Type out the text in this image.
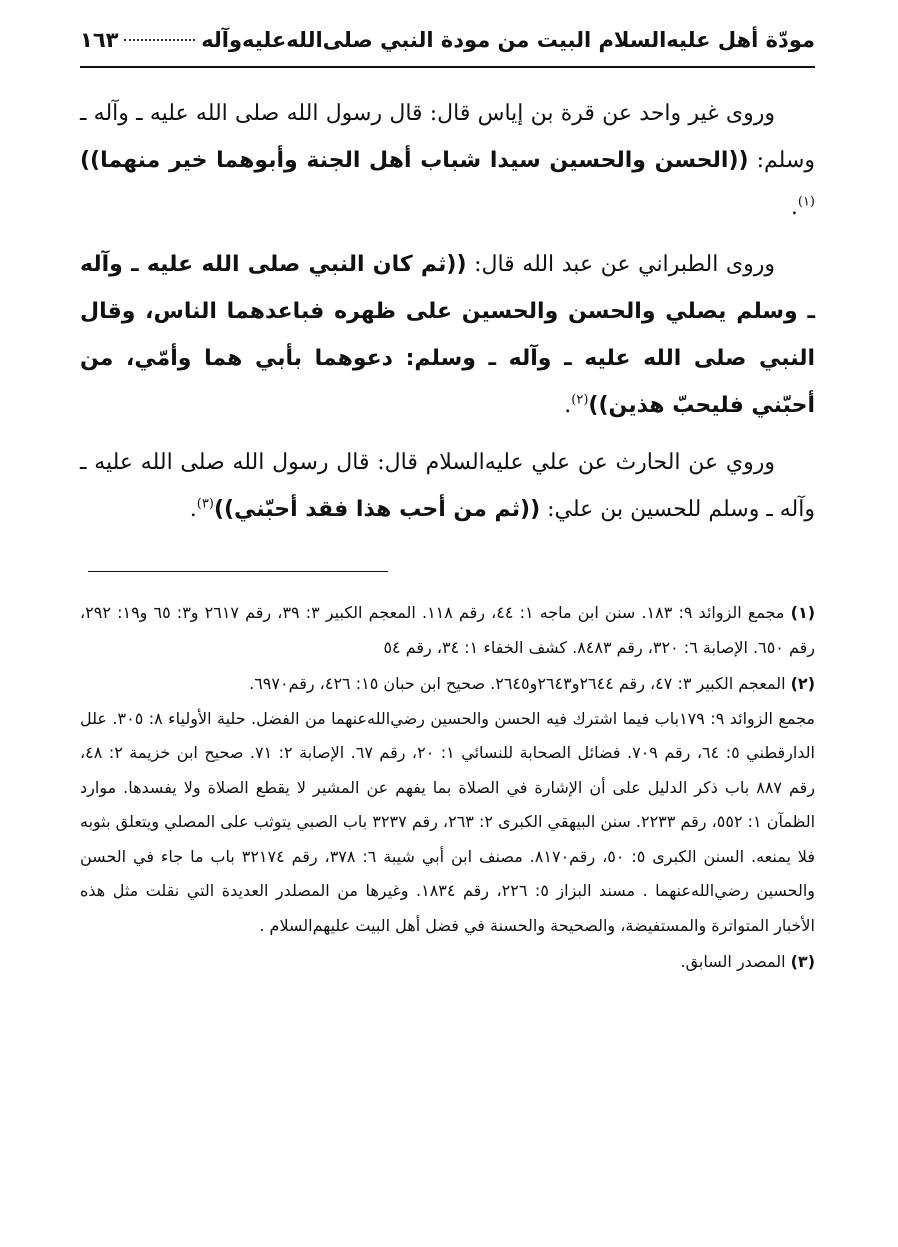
مودّة أهل عليه‌السلام البيت من مودة النبي صلى‌الله‌عليه‌وآله
١٦٣

وروى غير واحد عن قرة بن إياس قال: قال رسول الله صلى الله عليه ـ وآله ـ وسلم: ((الحسن والحسين سيدا شباب أهل الجنة وأبوهما خير منهما))$^{(١)}$.

وروى الطبراني عن عبد الله قال: ((ثم كان النبي صلى الله عليه ـ وآله ـ وسلم يصلي والحسن والحسين على ظهره فباعدهما الناس، وقال النبي صلى الله عليه ـ وآله ـ وسلم: دعوهما بأبي هما وأمّي، من أحبّني فليحبّ هذين))$^{(٢)}$.

وروي عن الحارث عن علي عليه‌السلام قال: قال رسول الله صلى الله عليه ـ وآله ـ وسلم للحسين بن علي: ((ثم من أحب هذا فقد أحبّني))$^{(٣)}$.

(١) مجمع الزوائد ٩: ١٨٣. سنن ابن ماجه ١: ٤٤، رقم ١١٨. المعجم الكبير ٣: ٣٩، رقم ٢٦١٧ و٣: ٦٥ و١٩: ٢٩٢، رقم ٦٥٠. الإصابة ٦: ٣٢٠، رقم ٨٤٨٣. كشف الخفاء ١: ٣٤، رقم ٥٤

(٢) المعجم الكبير ٣: ٤٧، رقم ٢٦٤٤و٢٦٤٣و٢٦٤٥. صحيح ابن حبان ١٥: ٤٢٦، رقم٦٩٧٠.
مجمع الزوائد ٩: ١٧٩باب فيما اشترك فيه الحسن والحسين رضي‌الله‌عنهما من الفضل. حلية الأولياء ٨: ٣٠٥. علل الدارقطني ٥: ٦٤، رقم ٧٠٩. فضائل الصحابة للنسائي ١: ٢٠، رقم ٦٧. الإصابة ٢: ٧١. صحيح ابن خزيمة ٢: ٤٨، رقم ٨٨٧ باب ذكر الدليل على أن الإشارة في الصلاة بما يفهم عن المشير لا يقطع الصلاة ولا يفسدها. موارد الظمآن ١: ٥٥٢، رقم ٢٢٣٣. سنن البيهقي الكبرى ٢: ٢٦٣، رقم ٣٢٣٧ باب الصبي يتوثب على المصلي ويتعلق بثوبه فلا يمنعه. السنن الكبرى ٥: ٥٠، رقم٨١٧٠. مصنف ابن أبي شيبة ٦: ٣٧٨، رقم ٣٢١٧٤ باب ما جاء في الحسن والحسين رضي‌الله‌عنهما . مسند البزاز ٥: ٢٢٦، رقم ١٨٣٤. وغيرها من المصلدر العديدة التي نقلت مثل هذه الأخبار المتواترة والمستفيضة، والصحيحة والحسنة في فضل أهل البيت عليهم‌السلام .

(٣) المصدر السابق.
